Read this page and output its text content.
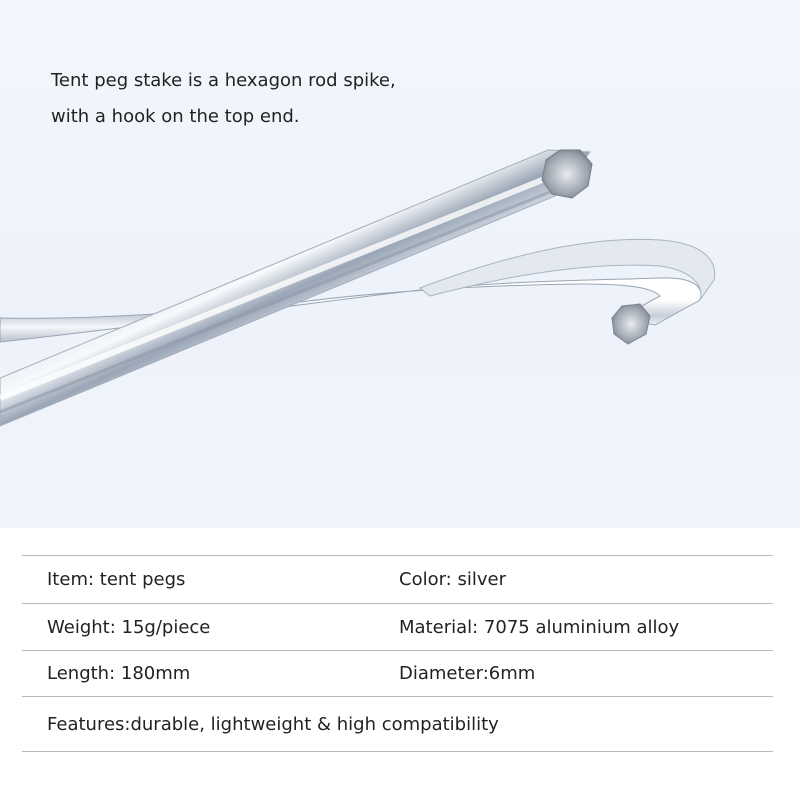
Tent peg stake is a hexagon rod spike,
with a hook on the top end.

Item: tent pegs	Color: silver
Weight: 15g/piece	Material: 7075 aluminium alloy
Length: 180mm	Diameter:6mm
Features:durable, lightweight & high compatibility
